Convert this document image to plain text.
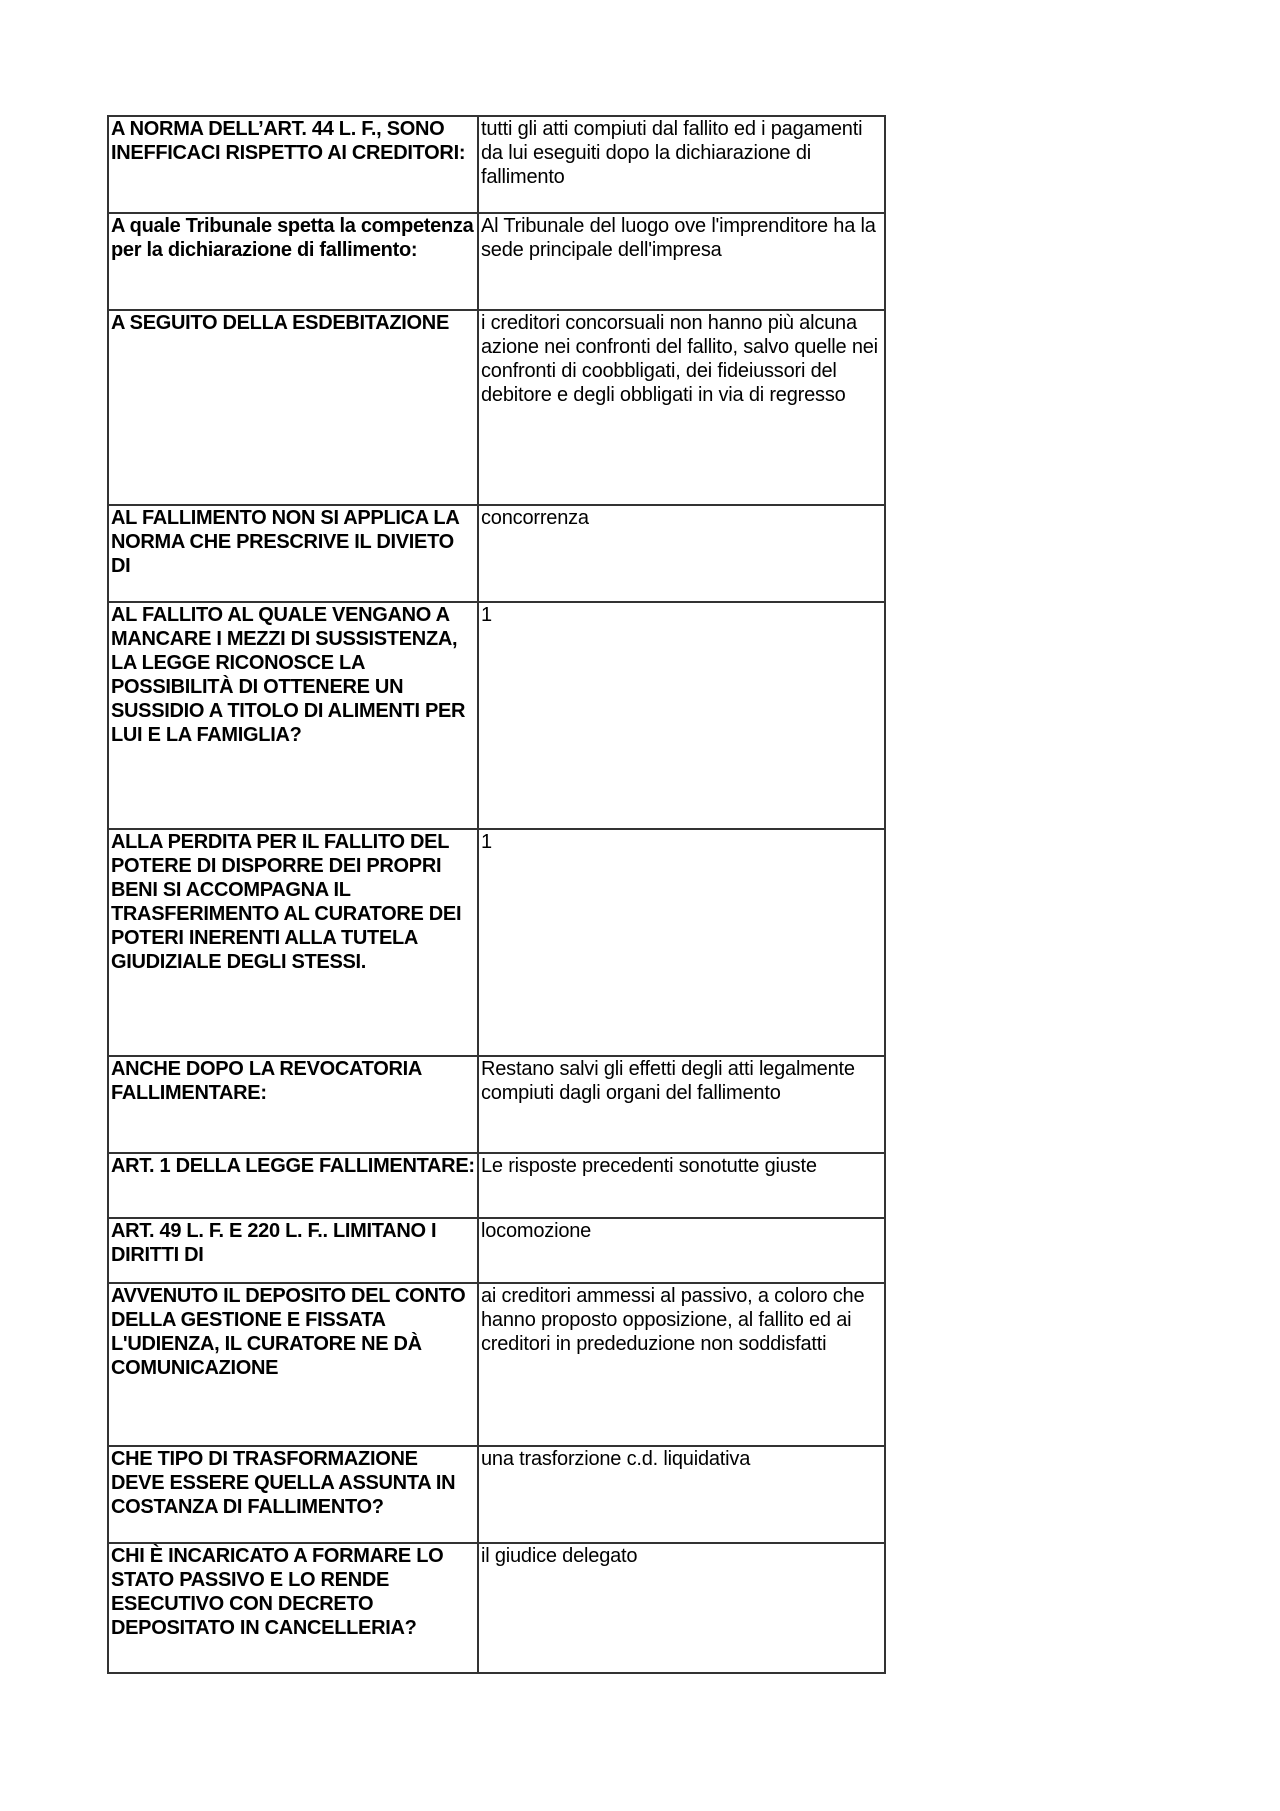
A NORMA DELL’ART. 44 L. F., SONO INEFFICACI RISPETTO AI CREDITORI:	tutti gli atti compiuti dal fallito ed i pagamenti da lui eseguiti dopo la dichiarazione di fallimento
A quale Tribunale spetta la competenza per la dichiarazione di fallimento:	Al Tribunale del luogo ove l'imprenditore ha la sede principale dell'impresa
A SEGUITO DELLA ESDEBITAZIONE	i creditori concorsuali non hanno più alcuna azione nei confronti del fallito, salvo quelle nei confronti di coobbligati, dei fideiussori del debitore e degli obbligati in via di regresso
AL FALLIMENTO NON SI APPLICA LA NORMA CHE PRESCRIVE IL DIVIETO DI	concorrenza
AL FALLITO AL QUALE VENGANO A MANCARE I MEZZI DI SUSSISTENZA, LA LEGGE RICONOSCE LA POSSIBILITÀ DI OTTENERE UN SUSSIDIO A TITOLO DI ALIMENTI PER LUI E LA FAMIGLIA?	1
ALLA PERDITA PER IL FALLITO DEL POTERE DI DISPORRE DEI PROPRI BENI SI ACCOMPAGNA IL TRASFERIMENTO AL CURATORE DEI POTERI INERENTI ALLA TUTELA GIUDIZIALE DEGLI STESSI.	1
ANCHE DOPO LA REVOCATORIA FALLIMENTARE:	Restano salvi gli effetti degli atti legalmente compiuti dagli organi del fallimento
ART. 1 DELLA LEGGE FALLIMENTARE:	Le risposte precedenti sonotutte giuste
ART. 49 L. F. E 220 L. F.. LIMITANO I DIRITTI DI	locomozione
AVVENUTO IL DEPOSITO DEL CONTO DELLA GESTIONE E FISSATA L'UDIENZA, IL CURATORE NE DÀ COMUNICAZIONE	ai creditori ammessi al passivo, a coloro che hanno proposto opposizione, al fallito ed ai creditori in prededuzione non soddisfatti
CHE TIPO DI TRASFORMAZIONE DEVE ESSERE QUELLA ASSUNTA IN COSTANZA DI FALLIMENTO?	una trasforzione c.d. liquidativa
CHI È INCARICATO A FORMARE LO STATO PASSIVO E LO RENDE ESECUTIVO CON DECRETO DEPOSITATO IN CANCELLERIA?	il giudice delegato
